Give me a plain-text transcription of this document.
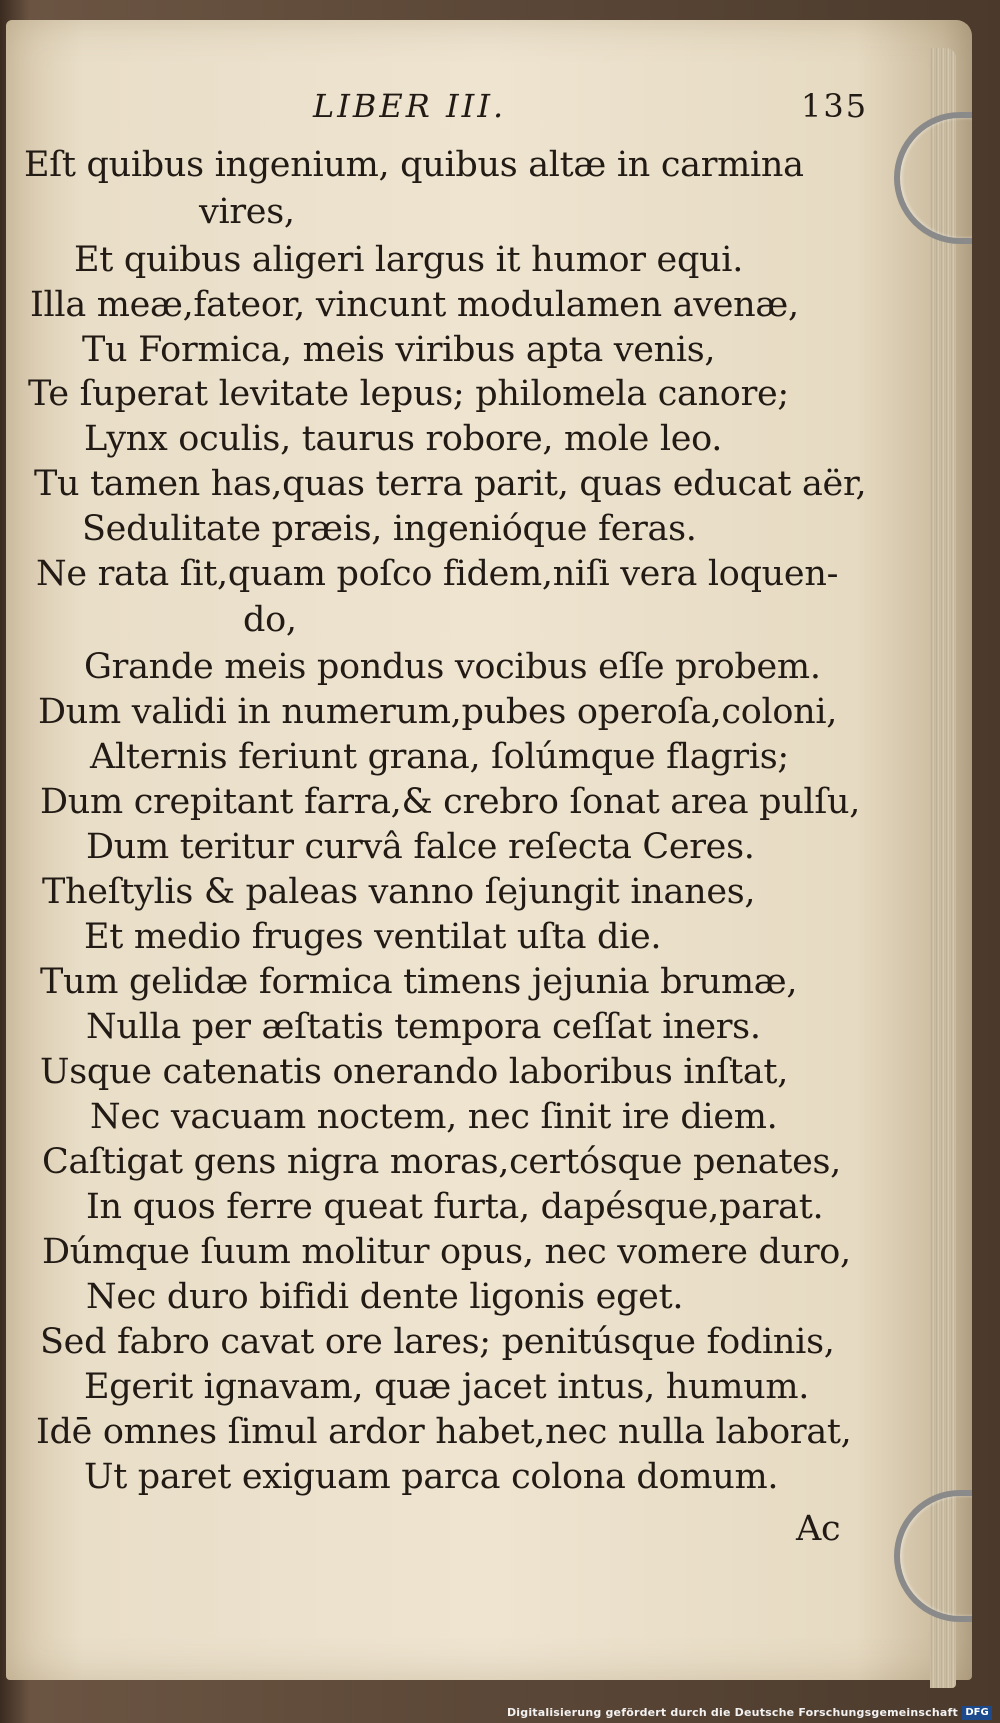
LIBER III.	135
Eſt quibus ingenium, quibus altæ in carmina
vires,
Et quibus aligeri largus it humor equi.
Illa meæ,fateor, vincunt modulamen avenæ,
Tu Formica, meis viribus apta venis,
Te ſuperat levitate lepus; philomela canore;
Lynx oculis, taurus robore, mole leo.
Tu tamen has,quas terra parit, quas educat aër,
Sedulitate præis, ingeniόque feras.
Ne rata ſit,quam poſco fidem,niſi vera loquen-
do,
Grande meis pondus vocibus eſſe probem.
Dum validi in numerum,pubes operoſa,coloni,
Alternis feriunt grana, ſolúmque flagris;
Dum crepitant farra,& crebro ſonat area pulſu,
Dum teritur curvâ falce reſecta Ceres.
Theſtylis & paleas vanno ſejungit inanes,
Et medio fruges ventilat uſta die.
Tum gelidæ formica timens jejunia brumæ,
Nulla per æſtatis tempora ceſſat iners.
Usque catenatis onerando laboribus inſtat,
Nec vacuam noctem, nec ſinit ire diem.
Caſtigat gens nigra moras,certósque penates,
In quos ferre queat furta, dapésque,parat.
Dúmque ſuum molitur opus, nec vomere duro,
Nec duro bifidi dente ligonis eget.
Sed fabro cavat ore lares; penitúsque fodinis,
Egerit ignavam, quæ jacet intus, humum.
Idē omnes ſimul ardor habet,nec nulla laborat,
Ut paret exiguam parca colona domum.
Ac
Digitalisierung gefördert durch die Deutsche Forschungsgemeinschaft DFG
